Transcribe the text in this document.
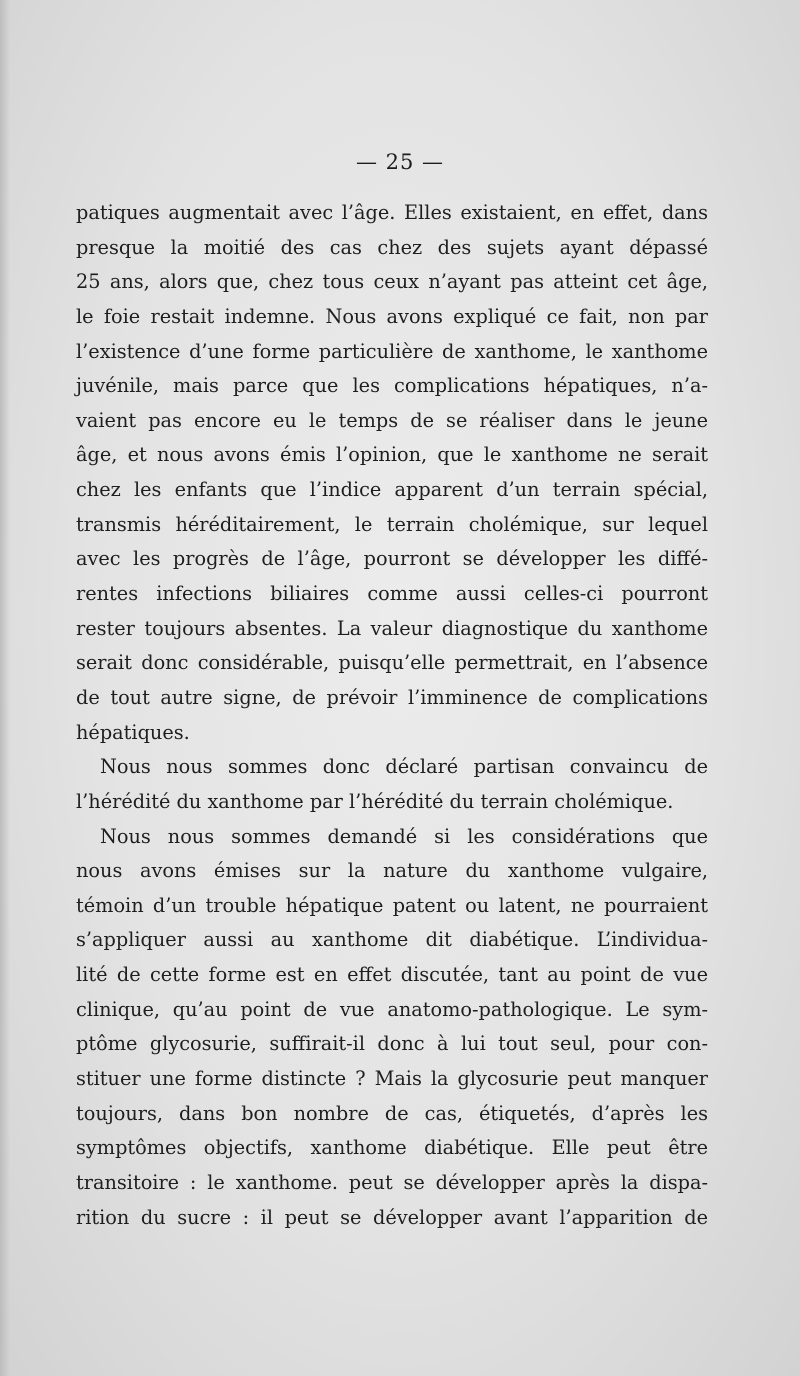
— 25 —
patiques augmentait avec l’âge. Elles existaient, en effet, dans
presque la moitié des cas chez des sujets ayant dépassé
25 ans, alors que, chez tous ceux n’ayant pas atteint cet âge,
le foie restait indemne. Nous avons expliqué ce fait, non par
l’existence d’une forme particulière de xanthome, le xanthome
juvénile, mais parce que les complications hépatiques, n’a-
vaient pas encore eu le temps de se réaliser dans le jeune
âge, et nous avons émis l’opinion, que le xanthome ne serait
chez les enfants que l’indice apparent d’un terrain spécial,
transmis héréditairement, le terrain cholémique, sur lequel
avec les progrès de l’âge, pourront se développer les diffé-
rentes infections biliaires comme aussi celles-ci pourront
rester toujours absentes. La valeur diagnostique du xanthome
serait donc considérable, puisqu’elle permettrait, en l’absence
de tout autre signe, de prévoir l’imminence de complications
hépatiques.
Nous nous sommes donc déclaré partisan convaincu de
l’hérédité du xanthome par l’hérédité du terrain cholémique.
Nous nous sommes demandé si les considérations que
nous avons émises sur la nature du xanthome vulgaire,
témoin d’un trouble hépatique patent ou latent, ne pourraient
s’appliquer aussi au xanthome dit diabétique. L’individua-
lité de cette forme est en effet discutée, tant au point de vue
clinique, qu’au point de vue anatomo-pathologique. Le sym-
ptôme glycosurie, suffirait-il donc à lui tout seul, pour con-
stituer une forme distincte ? Mais la glycosurie peut manquer
toujours, dans bon nombre de cas, étiquetés, d’après les
symptômes objectifs, xanthome diabétique. Elle peut être
transitoire : le xanthome. peut se développer après la dispa-
rition du sucre : il peut se développer avant l’apparition de
